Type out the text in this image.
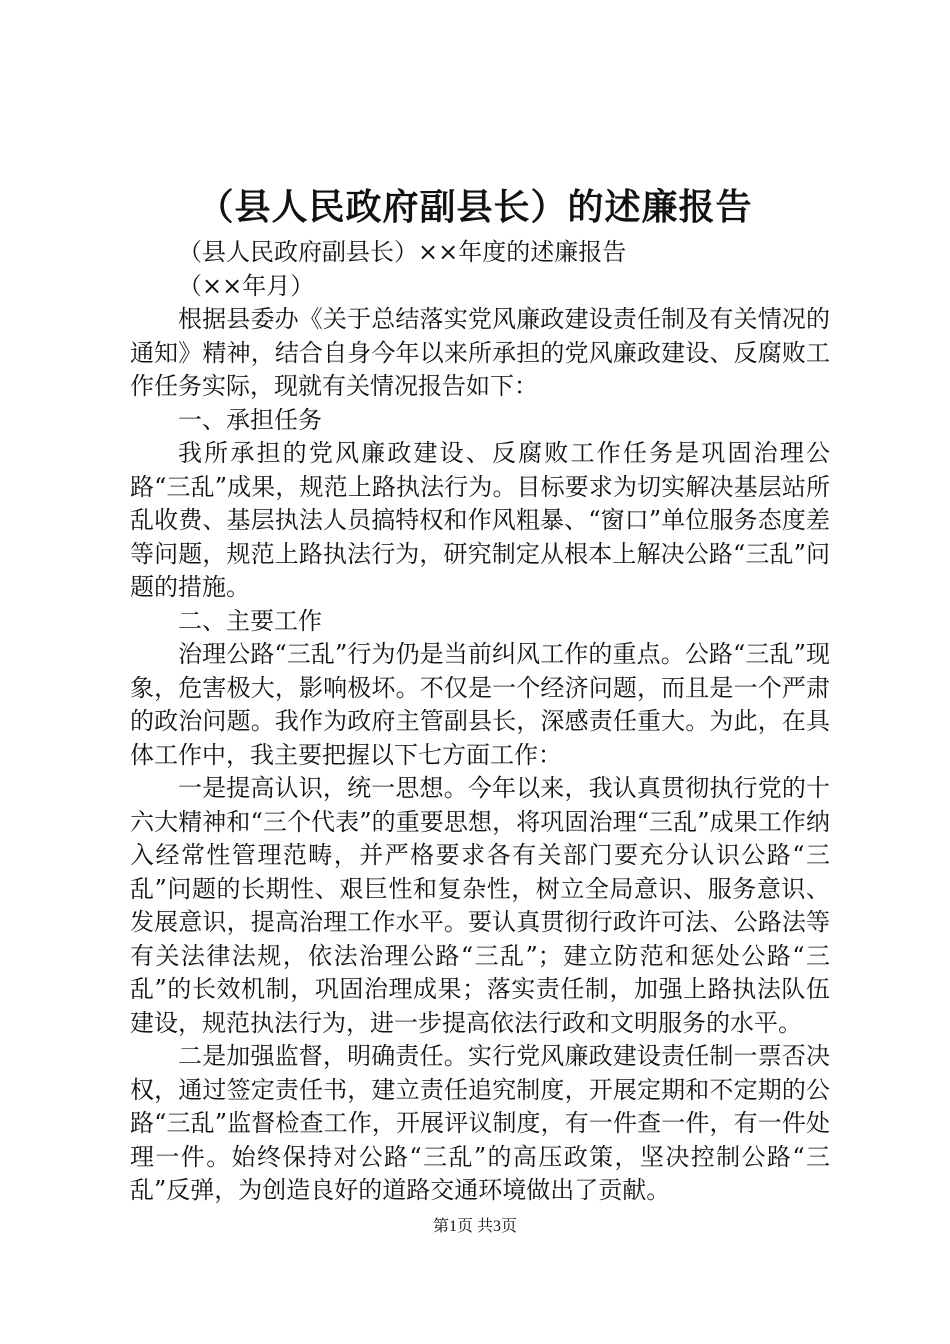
（县人民政府副县长）的述廉报告

（县人民政府副县长）××年度的述廉报告

（××年月）

根据县委办《关于总结落实党风廉政建设责任制及有关情况的通知》精神，结合自身今年以来所承担的党风廉政建设、反腐败工作任务实际，现就有关情况报告如下：

一、承担任务

我所承担的党风廉政建设、反腐败工作任务是巩固治理公路“三乱”成果，规范上路执法行为。目标要求为切实解决基层站所乱收费、基层执法人员搞特权和作风粗暴、“窗口”单位服务态度差等问题，规范上路执法行为，研究制定从根本上解决公路“三乱”问题的措施。

二、主要工作

治理公路“三乱”行为仍是当前纠风工作的重点。公路“三乱”现象，危害极大，影响极坏。不仅是一个经济问题，而且是一个严肃的政治问题。我作为政府主管副县长，深感责任重大。为此，在具体工作中，我主要把握以下七方面工作：

一是提高认识，统一思想。今年以来，我认真贯彻执行党的十六大精神和“三个代表”的重要思想，将巩固治理“三乱”成果工作纳入经常性管理范畴，并严格要求各有关部门要充分认识公路“三乱”问题的长期性、艰巨性和复杂性，树立全局意识、服务意识、发展意识，提高治理工作水平。要认真贯彻行政许可法、公路法等有关法律法规，依法治理公路“三乱”；建立防范和惩处公路“三乱”的长效机制，巩固治理成果；落实责任制，加强上路执法队伍建设，规范执法行为，进一步提高依法行政和文明服务的水平。

二是加强监督，明确责任。实行党风廉政建设责任制一票否决权，通过签定责任书，建立责任追究制度，开展定期和不定期的公路“三乱”监督检查工作，开展评议制度，有一件查一件，有一件处理一件。始终保持对公路“三乱”的高压政策，坚决控制公路“三乱”反弹，为创造良好的道路交通环境做出了贡献。

第1页 共3页
